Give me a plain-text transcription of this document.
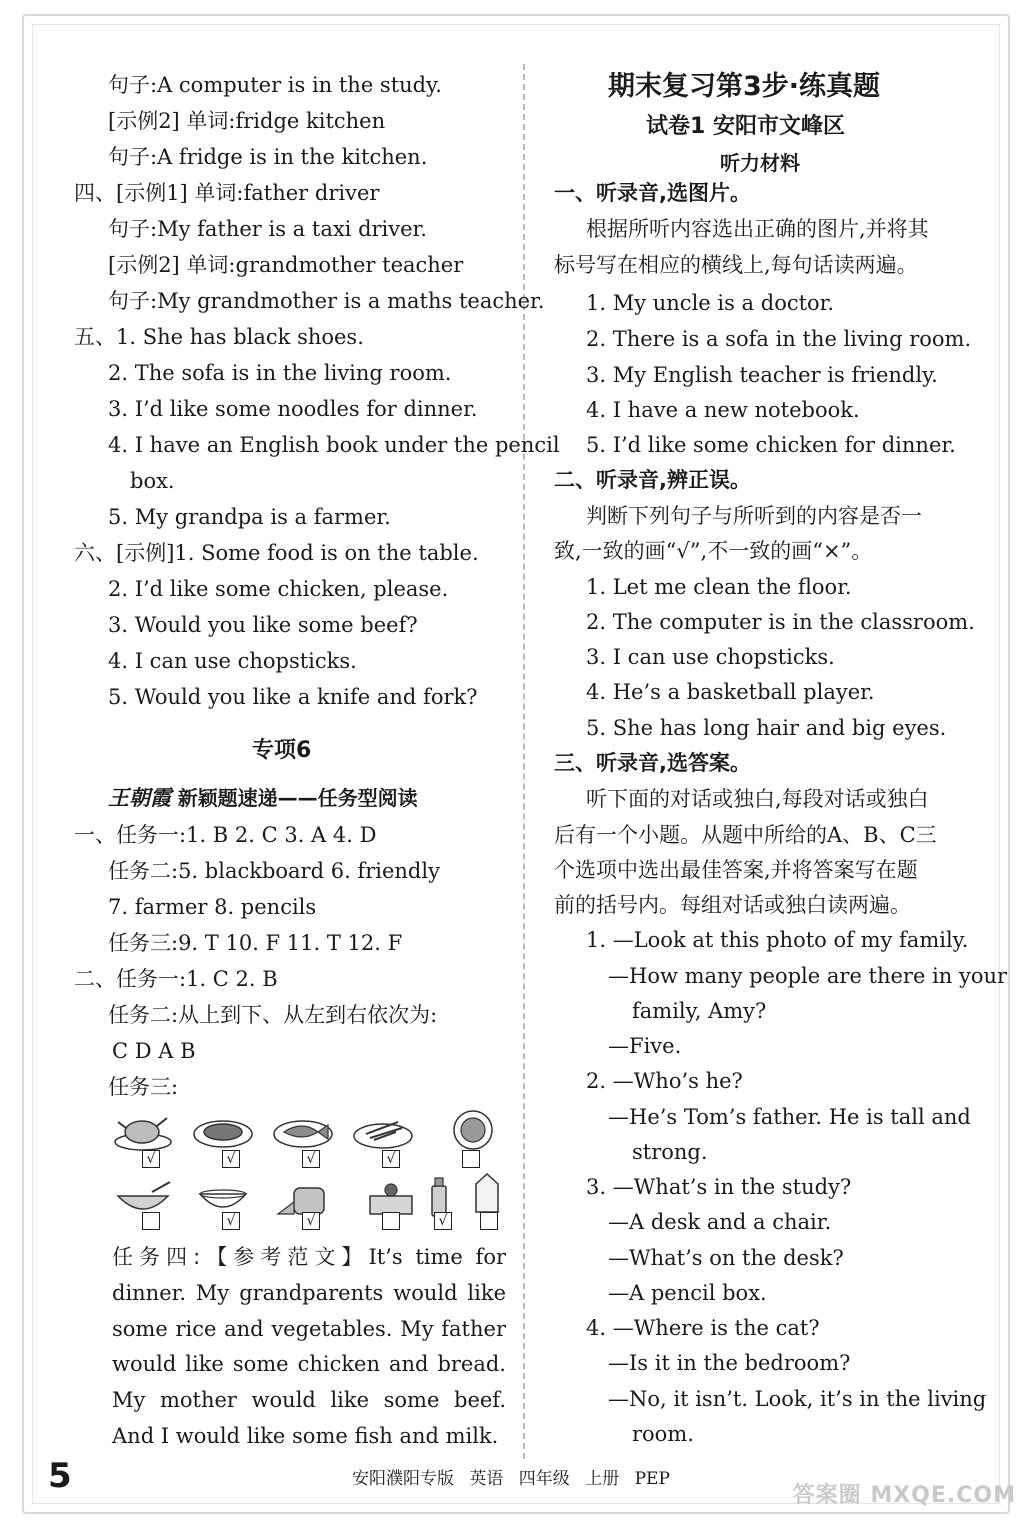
句子:A computer is in the study.
[示例2] 单词:fridge kitchen
句子:A fridge is in the kitchen.
四、[示例1] 单词:father driver
句子:My father is a taxi driver.
[示例2] 单词:grandmother teacher
句子:My grandmother is a maths teacher.
五、1. She has black shoes.
2. The sofa is in the living room.
3. I’d like some noodles for dinner.
4. I have an English book under the pencil
box.
5. My grandpa is a farmer.
六、[示例]1. Some food is on the table.
2. I’d like some chicken, please.
3. Would you like some beef?
4. I can use chopsticks.
5. Would you like a knife and fork?
专项6
王朝霞 新颖题速递——任务型阅读
一、任务一:1. B 2. C 3. A 4. D
任务二:5. blackboard 6. friendly
7. farmer 8. pencils
任务三:9. T 10. F 11. T 12. F
二、任务一:1. C 2. B
任务二:从上到下、从左到右依次为:
C D A B
任务三:
√	√	√	√
√	√	√
任务四:【参考范文】It’s time for dinner. My grandparents would like some rice and vegetables. My father would like some chicken and bread. My mother would like some beef. And I would like some fish and milk.
期末复习第3步·练真题
试卷1 安阳市文峰区
听力材料
一、听录音,选图片。
根据所听内容选出正确的图片,并将其
标号写在相应的横线上,每句话读两遍。
1. My uncle is a doctor.
2. There is a sofa in the living room.
3. My English teacher is friendly.
4. I have a new notebook.
5. I’d like some chicken for dinner.
二、听录音,辨正误。
判断下列句子与所听到的内容是否一
致,一致的画“√”,不一致的画“×”。
1. Let me clean the floor.
2. The computer is in the classroom.
3. I can use chopsticks.
4. He’s a basketball player.
5. She has long hair and big eyes.
三、听录音,选答案。
听下面的对话或独白,每段对话或独白
后有一个小题。从题中所给的A、B、C三
个选项中选出最佳答案,并将答案写在题
前的括号内。每组对话或独白读两遍。
1. —Look at this photo of my family.
—How many people are there in your
family, Amy?
—Five.
2. —Who’s he?
—He’s Tom’s father. He is tall and
strong.
3. —What’s in the study?
—A desk and a chair.
—What’s on the desk?
—A pencil box.
4. —Where is the cat?
—Is it in the bedroom?
—No, it isn’t. Look, it’s in the living
room.
5	安阳濮阳专版 英语 四年级 上册 PEP
答案圈 MXQE.COM
